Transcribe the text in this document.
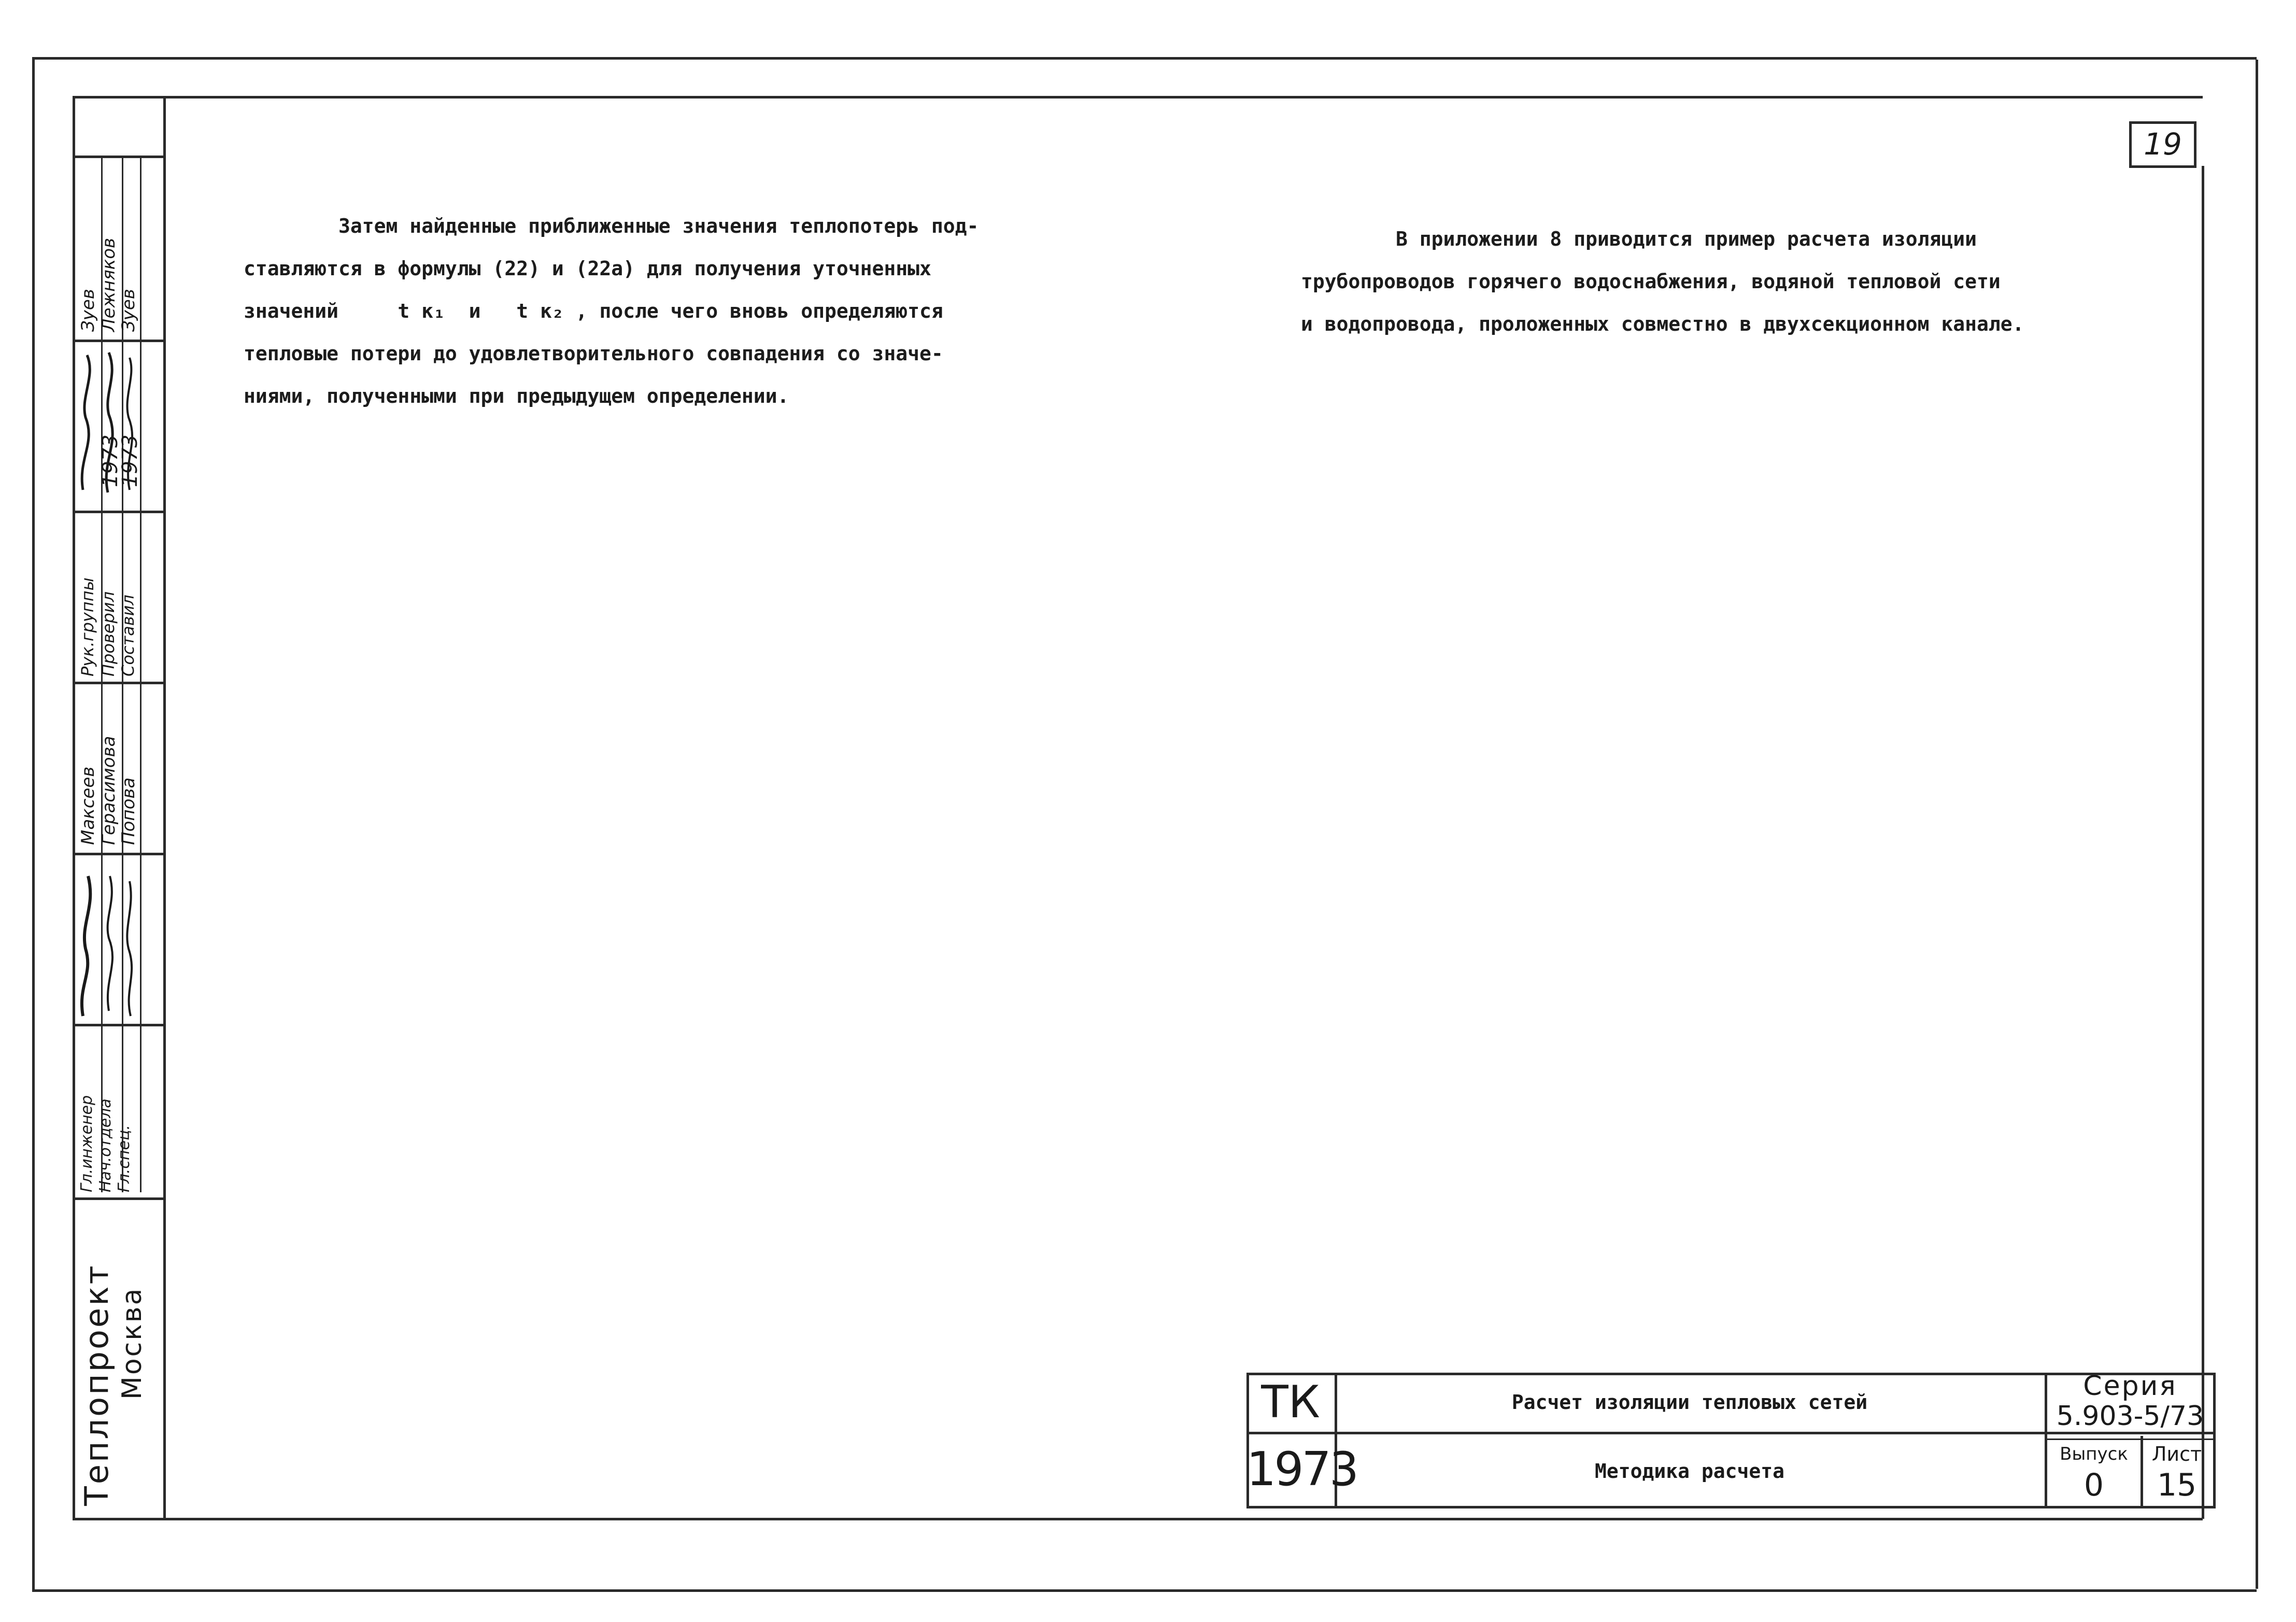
Гл.инженер Нач.отдела Гл.спец.
Рук.группы Проверил Составил
Максеев Герасимова
Попова
Зуев Лежняков
Зуев
1973
1973
Теплопроект Москва
19
Затем найденные приближенные значения теплопотерь под-
ставляются в формулы (22) и (22а) для получения уточненных
значений     t к₁  и   t к₂ , после чего вновь определяются
тепловые потери до удовлетворительного совпадения со значе-
ниями, полученными при предыдущем определении.
В приложении 8 приводится пример расчета изоляции
трубопроводов горячего водоснабжения, водяной тепловой сети
и водопровода, проложенных совместно в двухсекционном канале.
ТК
1973
Расчет изоляции тепловых сетей
Методика расчета
Серия
5.903-5/73
Выпуск
0
Лист
15
